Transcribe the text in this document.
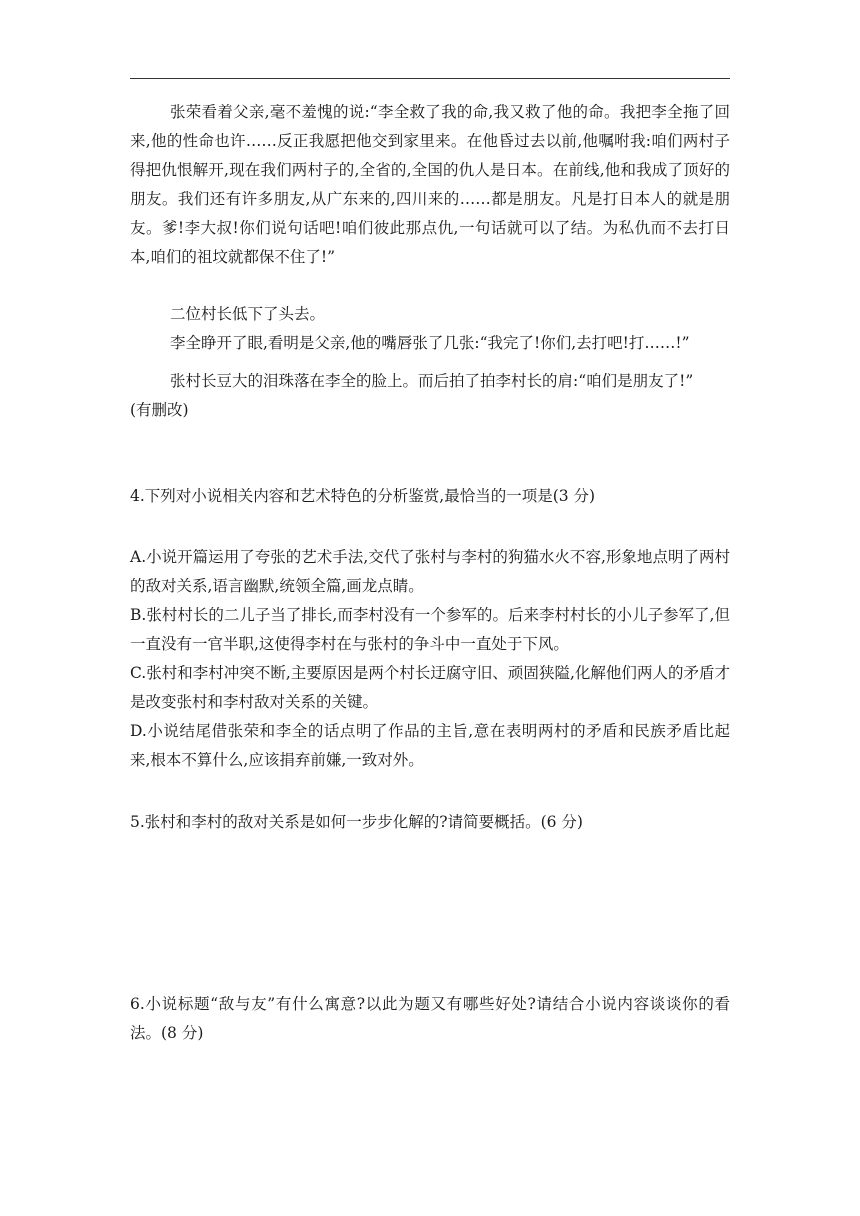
张荣看着父亲,毫不羞愧的说:“李全救了我的命,我又救了他的命。我把李全拖了回来,他的性命也许……反正我愿把他交到家里来。在他昏过去以前,他嘱咐我:咱们两村子得把仇恨解开,现在我们两村子的,全省的,全国的仇人是日本。在前线,他和我成了顶好的朋友。我们还有许多朋友,从广东来的,四川来的……都是朋友。凡是打日本人的就是朋友。爹!李大叔!你们说句话吧!咱们彼此那点仇,一句话就可以了结。为私仇而不去打日本,咱们的祖坟就都保不住了!”

二位村长低下了头去。

李全睁开了眼,看明是父亲,他的嘴唇张了几张:“我完了!你们,去打吧!打……!”

张村长豆大的泪珠落在李全的脸上。而后拍了拍李村长的肩:“咱们是朋友了!”

(有删改)

4.下列对小说相关内容和艺术特色的分析鉴赏,最恰当的一项是(3 分)

A.小说开篇运用了夸张的艺术手法,交代了张村与李村的狗猫水火不容,形象地点明了两村的敌对关系,语言幽默,统领全篇,画龙点睛。

B.张村村长的二儿子当了排长,而李村没有一个参军的。后来李村村长的小儿子参军了,但一直没有一官半职,这使得李村在与张村的争斗中一直处于下风。

C.张村和李村冲突不断,主要原因是两个村长迂腐守旧、顽固狭隘,化解他们两人的矛盾才是改变张村和李村敌对关系的关键。

D.小说结尾借张荣和李全的话点明了作品的主旨,意在表明两村的矛盾和民族矛盾比起来,根本不算什么,应该捐弃前嫌,一致对外。

5.张村和李村的敌对关系是如何一步步化解的?请简要概括。(6 分)

6.小说标题“敌与友”有什么寓意?以此为题又有哪些好处?请结合小说内容谈谈你的看法。(8 分)
